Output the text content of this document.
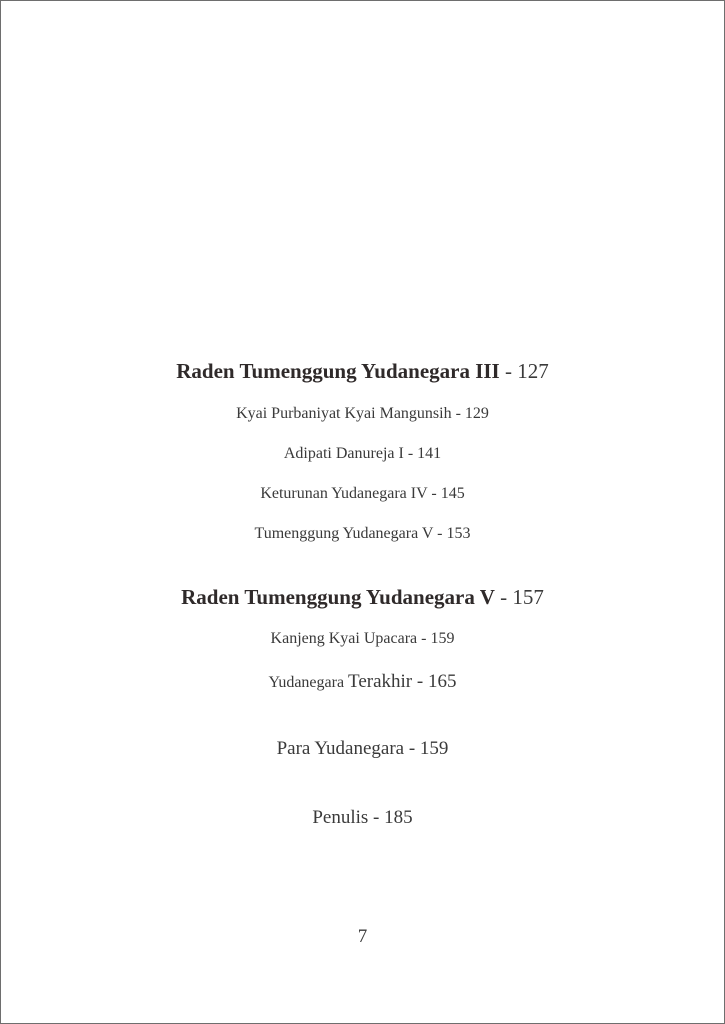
Raden Tumenggung Yudanegara III - 127
Kyai Purbaniyat Kyai Mangunsih - 129
Adipati Danureja I - 141
Keturunan Yudanegara IV - 145
Tumenggung Yudanegara V - 153
Raden Tumenggung Yudanegara V - 157
Kanjeng Kyai Upacara - 159
Yudanegara Terakhir - 165
Para Yudanegara - 159
Penulis - 185
7
